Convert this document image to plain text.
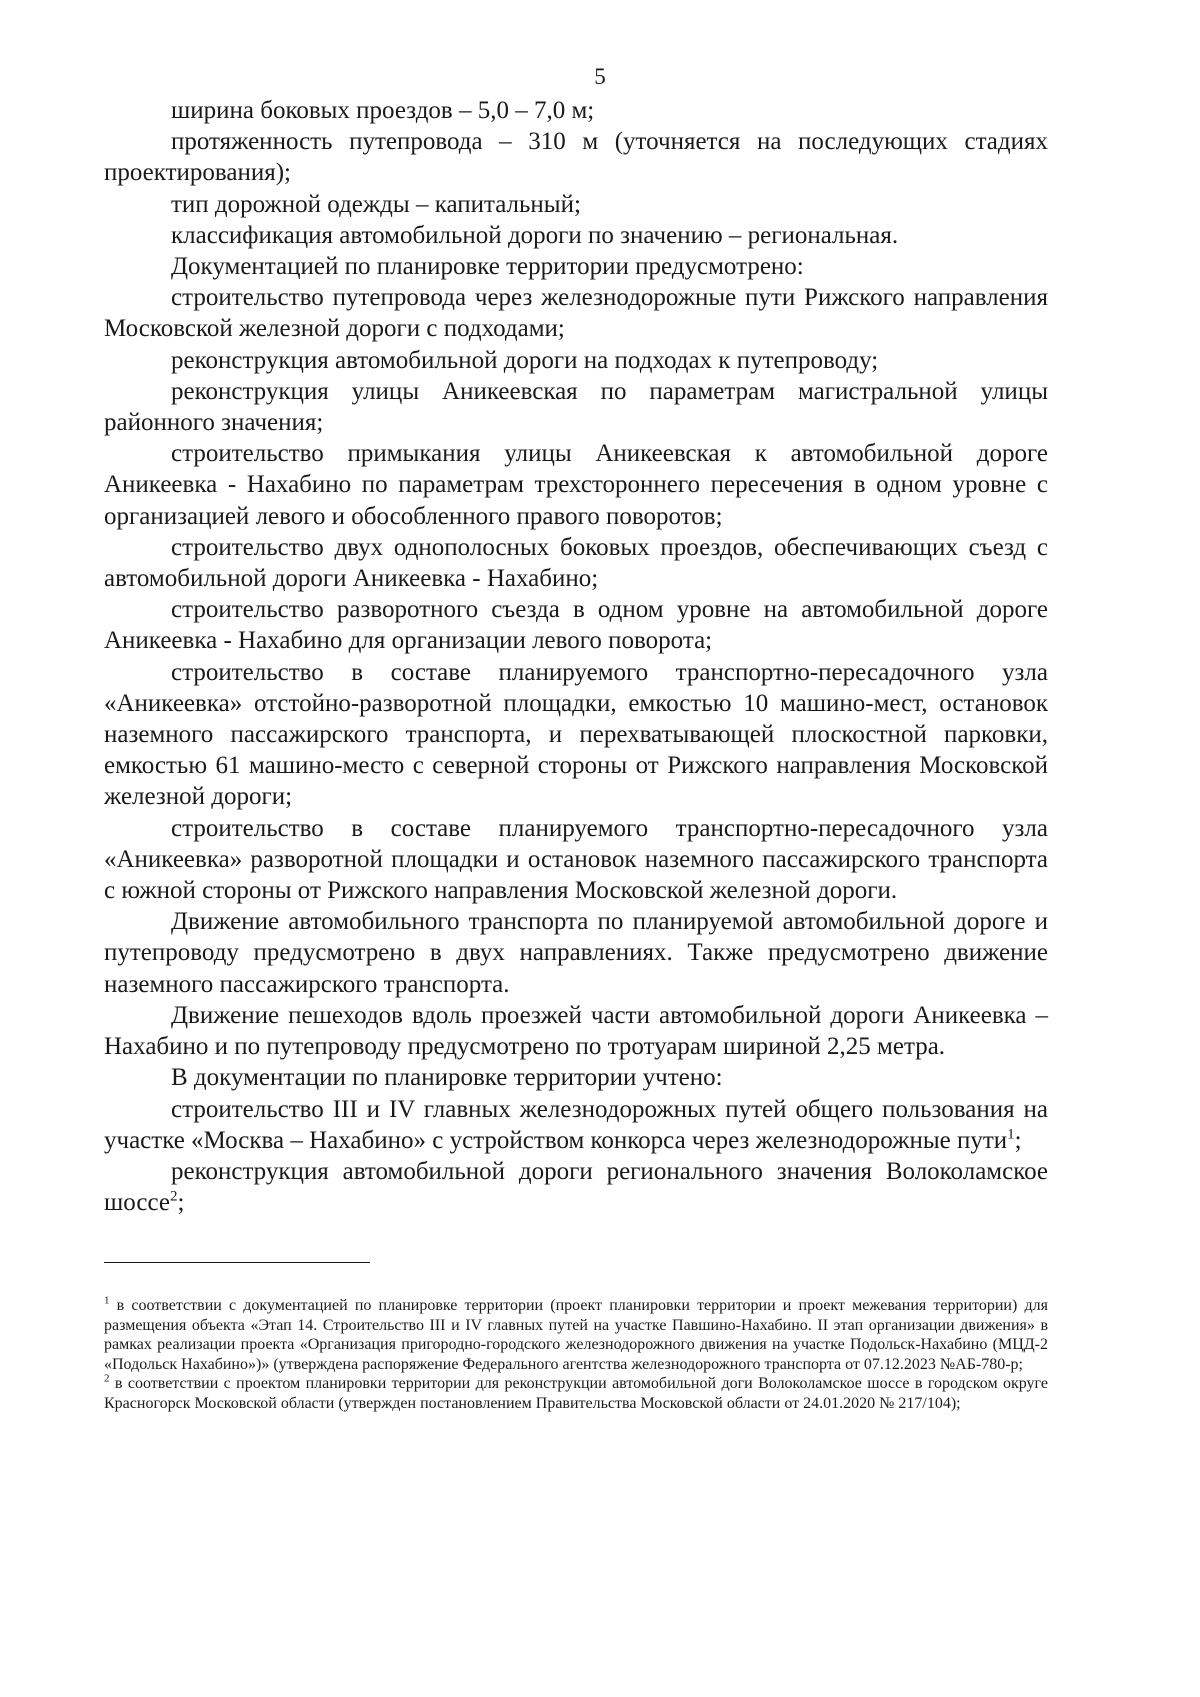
5

ширина боковых проездов – 5,0 – 7,0 м;

протяженность путепровода – 310 м (уточняется на последующих стадиях проектирования);

тип дорожной одежды – капитальный;

классификация автомобильной дороги по значению – региональная.

Документацией по планировке территории предусмотрено:

строительство путепровода через железнодорожные пути Рижского направления Московской железной дороги с подходами;

реконструкция автомобильной дороги на подходах к путепроводу;

реконструкция улицы Аникеевская по параметрам магистральной улицы районного значения;

строительство примыкания улицы Аникеевская к автомобильной дороге Аникеевка - Нахабино по параметрам трехстороннего пересечения в одном уровне с организацией левого и обособленного правого поворотов;

строительство двух однополосных боковых проездов, обеспечивающих съезд с автомобильной дороги Аникеевка - Нахабино;

строительство разворотного съезда в одном уровне на автомобильной дороге Аникеевка - Нахабино для организации левого поворота;

строительство в составе планируемого транспортно-пересадочного узла «Аникеевка» отстойно-разворотной площадки, емкостью 10 машино-мест, остановок наземного пассажирского транспорта, и перехватывающей плоскостной парковки, емкостью 61 машино-место с северной стороны от Рижского направления Московской железной дороги;

строительство в составе планируемого транспортно-пересадочного узла «Аникеевка» разворотной площадки и остановок наземного пассажирского транспорта с южной стороны от Рижского направления Московской железной дороги.

Движение автомобильного транспорта по планируемой автомобильной дороге и путепроводу предусмотрено в двух направлениях. Также предусмотрено движение наземного пассажирского транспорта.

Движение пешеходов вдоль проезжей части автомобильной дороги Аникеевка – Нахабино и по путепроводу предусмотрено по тротуарам шириной 2,25 метра.

В документации по планировке территории учтено:

строительство III и IV главных железнодорожных путей общего пользования на участке «Москва – Нахабино» с устройством конкорса через железнодорожные пути$^1$;

реконструкция автомобильной дороги регионального значения Волоколамское шоссе$^2$;

$^1$ в соответствии с документацией по планировке территории (проект планировки территории и проект межевания территории) для размещения объекта «Этап 14. Строительство III и IV главных путей на участке Павшино-Нахабино. II этап организации движения» в рамках реализации проекта «Организация пригородно-городского железнодорожного движения на участке Подольск-Нахабино (МЦД-2 «Подольск Нахабино»)» (утверждена распоряжение Федерального агентства железнодорожного транспорта от 07.12.2023 №АБ-780-р;

$^2$ в соответствии с проектом планировки территории для реконструкции автомобильной доги Волоколамское шоссе в городском округе Красногорск Московской области (утвержден постановлением Правительства Московской области от 24.01.2020 № 217/104);
